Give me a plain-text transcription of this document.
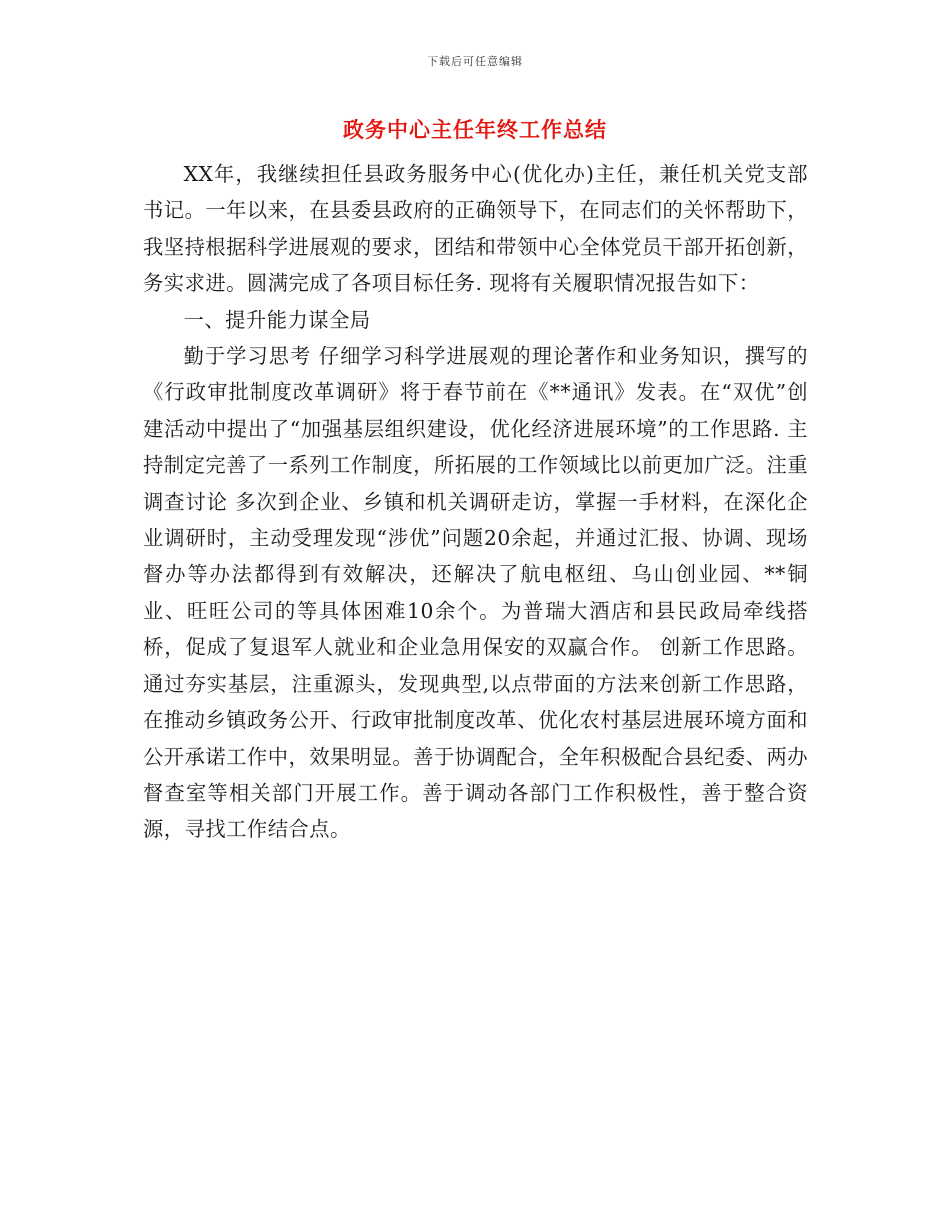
下载后可任意编辑
政务中心主任年终工作总结

XX年，我继续担任县政务服务中心(优化办)主任，兼任机关党支部书记。一年以来，在县委县政府的正确领导下，在同志们的关怀帮助下，我坚持根据科学进展观的要求，团结和带领中心全体党员干部开拓创新，务实求进。圆满完成了各项目标任务. 现将有关履职情况报告如下：

一、提升能力谋全局

勤于学习思考 仔细学习科学进展观的理论著作和业务知识，撰写的《行政审批制度改革调研》将于春节前在《**通讯》发表。在“双优”创建活动中提出了“加强基层组织建设，优化经济进展环境”的工作思路. 主持制定完善了一系列工作制度，所拓展的工作领域比以前更加广泛。注重调查讨论 多次到企业、乡镇和机关调研走访，掌握一手材料，在深化企业调研时，主动受理发现“涉优”问题20余起，并通过汇报、协调、现场督办等办法都得到有效解决，还解决了航电枢纽、乌山创业园、**铜业、旺旺公司的等具体困难10余个。为普瑞大酒店和县民政局牵线搭桥，促成了复退军人就业和企业急用保安的双赢合作。 创新工作思路。通过夯实基层，注重源头，发现典型,以点带面的方法来创新工作思路，在推动乡镇政务公开、行政审批制度改革、优化农村基层进展环境方面和公开承诺工作中，效果明显。善于协调配合，全年积极配合县纪委、两办督查室等相关部门开展工作。善于调动各部门工作积极性，善于整合资源，寻找工作结合点。
